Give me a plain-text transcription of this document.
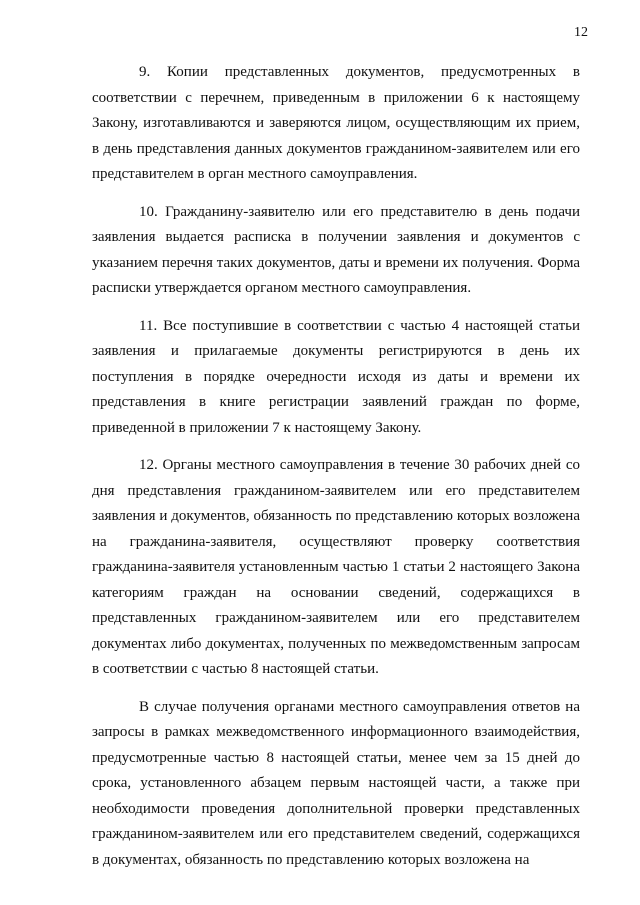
12

9. Копии представленных документов, предусмотренных в соответствии с перечнем, приведенным в приложении 6 к настоящему Закону, изготавливаются и заверяются лицом, осуществляющим их прием, в день представления данных документов гражданином-заявителем или его представителем в орган местного самоуправления.

10. Гражданину-заявителю или его представителю в день подачи заявления выдается расписка в получении заявления и документов с указанием перечня таких документов, даты и времени их получения. Форма расписки утверждается органом местного самоуправления.

11. Все поступившие в соответствии с частью 4 настоящей статьи заявления и прилагаемые документы регистрируются в день их поступления в порядке очередности исходя из даты и времени их представления в книге регистрации заявлений граждан по форме, приведенной в приложении 7 к настоящему Закону.

12. Органы местного самоуправления в течение 30 рабочих дней со дня представления гражданином-заявителем или его представителем заявления и документов, обязанность по представлению которых возложена на гражданина-заявителя, осуществляют проверку соответствия гражданина-заявителя установленным частью 1 статьи 2 настоящего Закона категориям граждан на основании сведений, содержащихся в представленных гражданином-заявителем или его представителем документах либо документах, полученных по межведомственным запросам в соответствии с частью 8 настоящей статьи.

В случае получения органами местного самоуправления ответов на запросы в рамках межведомственного информационного взаимодействия, предусмотренные частью 8 настоящей статьи, менее чем за 15 дней до срока, установленного абзацем первым настоящей части, а также при необходимости проведения дополнительной проверки представленных гражданином-заявителем или его представителем сведений, содержащихся в документах, обязанность по представлению которых возложена на
